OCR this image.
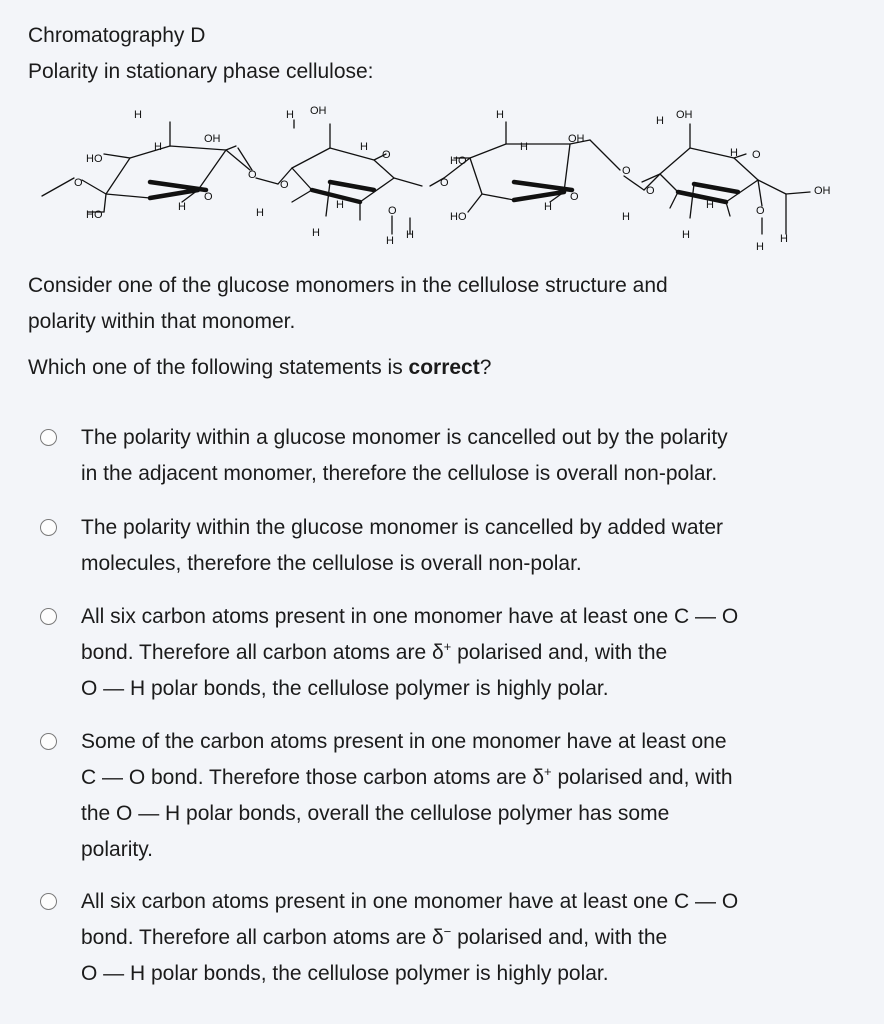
Chromatography D
Polarity in stationary phase cellulose:
H
H
OH
HO
HO
H
O
O
H OH
H
O
O
O
H
H
H
O
H H
H
H
OH
HO
HO
H
O
O
H OH
H O
O
O
H
H
H
O
H
H
OH
Consider one of the glucose monomers in the cellulose structure and
polarity within that monomer.
Which one of the following statements is correct?
The polarity within a glucose monomer is cancelled out by the polarity
in the adjacent monomer, therefore the cellulose is overall non-polar.
The polarity within the glucose monomer is cancelled by added water
molecules, therefore the cellulose is overall non-polar.
All six carbon atoms present in one monomer have at least one C — O
bond. Therefore all carbon atoms are δ+ polarised and, with the
O — H polar bonds, the cellulose polymer is highly polar.
Some of the carbon atoms present in one monomer have at least one
C — O bond. Therefore those carbon atoms are δ+ polarised and, with
the O — H polar bonds, overall the cellulose polymer has some
polarity.
All six carbon atoms present in one monomer have at least one C — O
bond. Therefore all carbon atoms are δ− polarised and, with the
O — H polar bonds, the cellulose polymer is highly polar.
